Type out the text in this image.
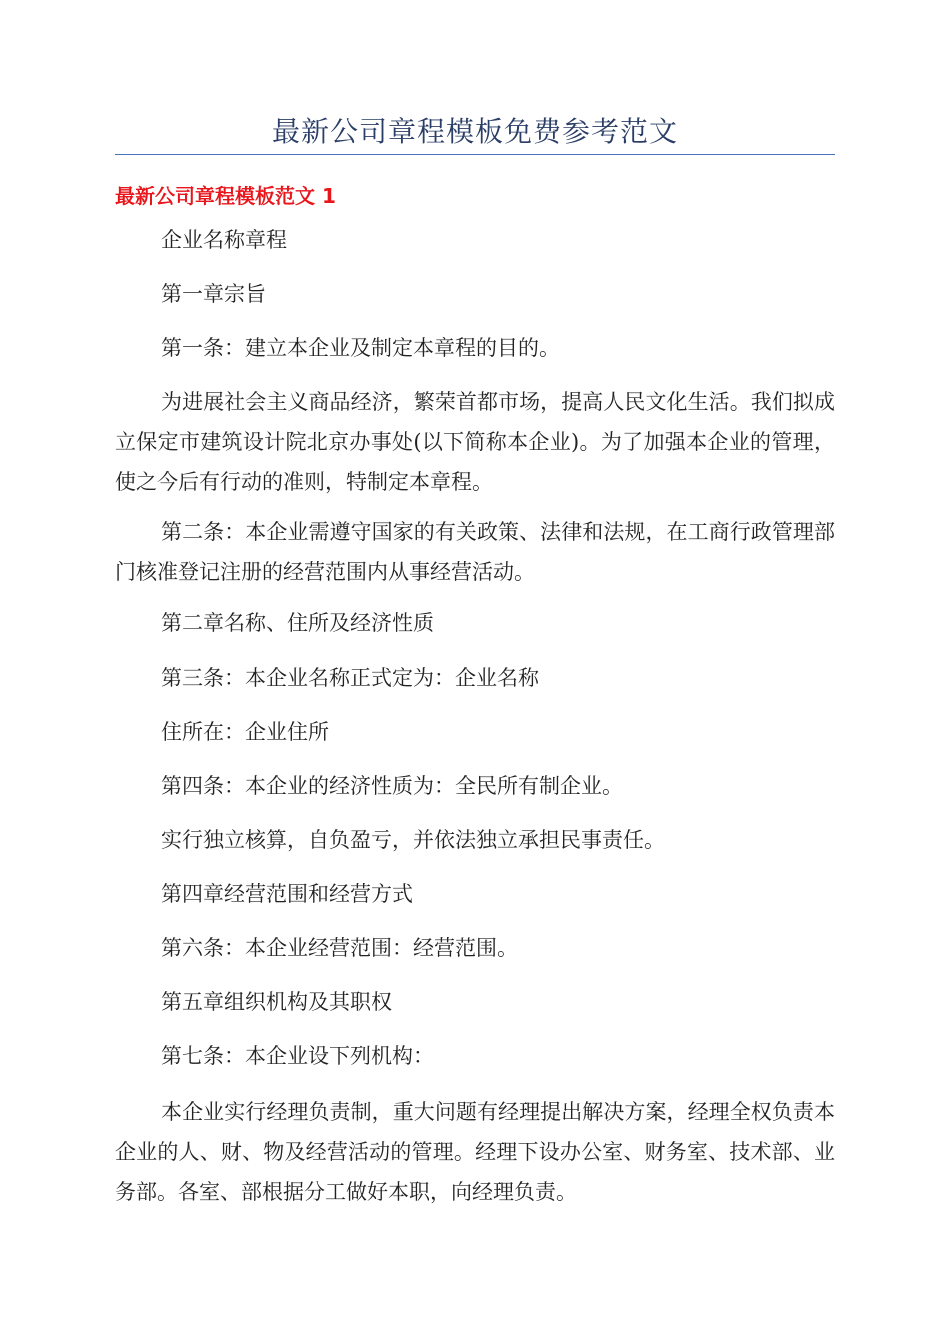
最新公司章程模板免费参考范文
最新公司章程模板范文 1

企业名称章程

第一章宗旨

第一条：建立本企业及制定本章程的目的。

为进展社会主义商品经济，繁荣首都市场，提高人民文化生活。我们拟成立保定市建筑设计院北京办事处(以下简称本企业)。为了加强本企业的管理，使之今后有行动的准则，特制定本章程。

第二条：本企业需遵守国家的有关政策、法律和法规，在工商行政管理部门核准登记注册的经营范围内从事经营活动。

第二章名称、住所及经济性质

第三条：本企业名称正式定为：企业名称

住所在：企业住所

第四条：本企业的经济性质为：全民所有制企业。

实行独立核算，自负盈亏，并依法独立承担民事责任。

第四章经营范围和经营方式

第六条：本企业经营范围：经营范围。

第五章组织机构及其职权

第七条：本企业设下列机构：

本企业实行经理负责制，重大问题有经理提出解决方案，经理全权负责本企业的人、财、物及经营活动的管理。经理下设办公室、财务室、技术部、业务部。各室、部根据分工做好本职，向经理负责。
